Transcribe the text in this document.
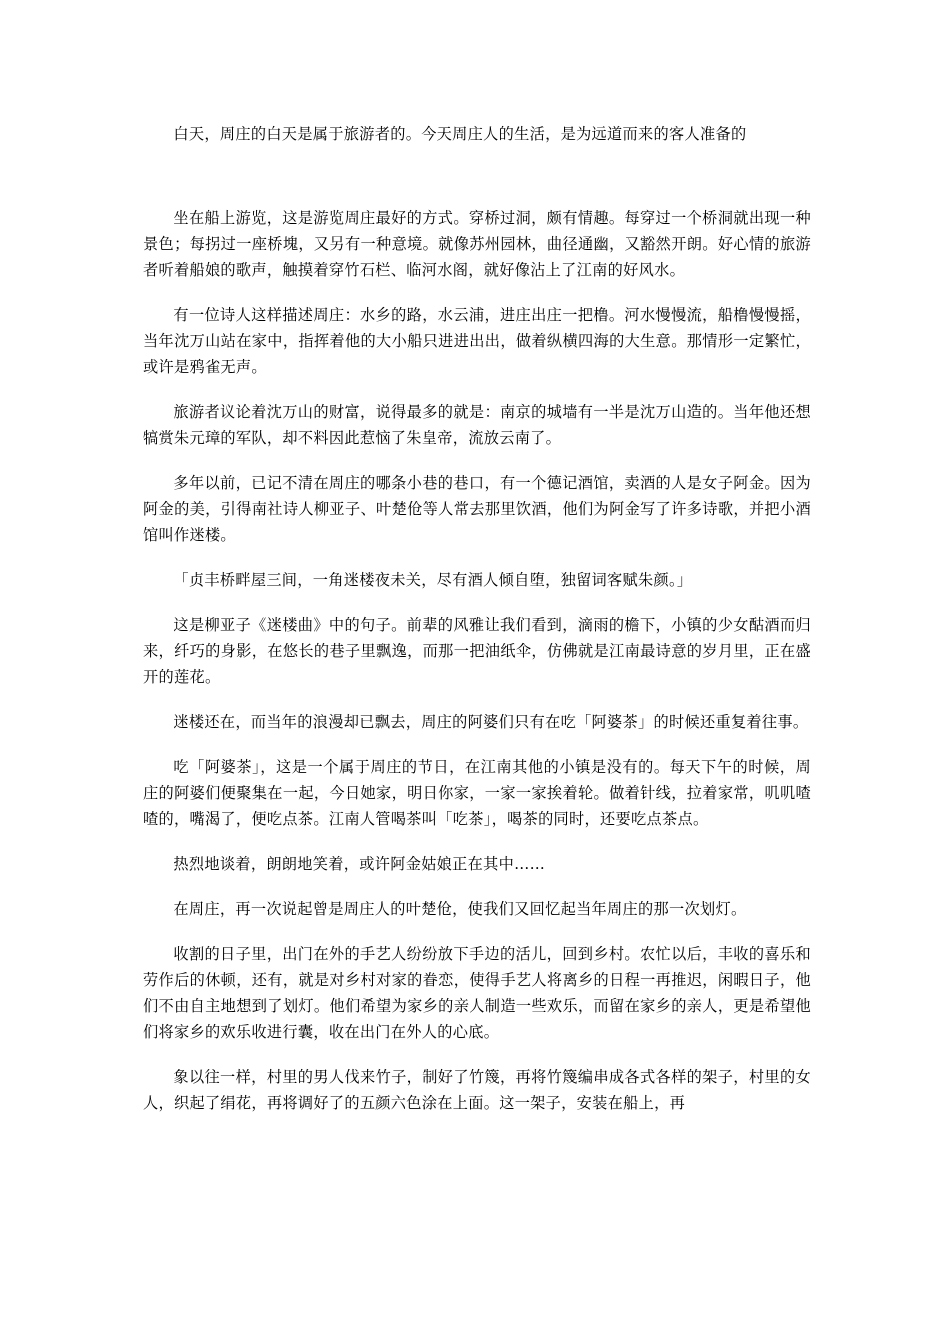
白天，周庄的白天是属于旅游者的。今天周庄人的生活，是为远道而来的客人准备的

坐在船上游览，这是游览周庄最好的方式。穿桥过洞，颇有情趣。每穿过一个桥洞就出现一种景色；每拐过一座桥塊，又另有一种意境。就像苏州园林，曲径通幽，又豁然开朗。好心情的旅游者听着船娘的歌声，触摸着穿竹石栏、临河水阁，就好像沾上了江南的好风水。

有一位诗人这样描述周庄：水乡的路，水云浦，进庄出庄一把橹。河水慢慢流，船橹慢慢摇，当年沈万山站在家中，指挥着他的大小船只进进出出，做着纵横四海的大生意。那情形一定繁忙，或许是鸦雀无声。

旅游者议论着沈万山的财富，说得最多的就是：南京的城墙有一半是沈万山造的。当年他还想犒赏朱元璋的军队，却不料因此惹恼了朱皇帝，流放云南了。

多年以前，已记不清在周庄的哪条小巷的巷口，有一个德记酒馆，卖酒的人是女子阿金。因为阿金的美，引得南社诗人柳亚子、叶楚伧等人常去那里饮酒，他们为阿金写了许多诗歌，并把小酒馆叫作迷楼。

「贞丰桥畔屋三间，一角迷楼夜未关，尽有酒人倾自堕，独留词客赋朱颜。」

这是柳亚子《迷楼曲》中的句子。前辈的风雅让我们看到，滴雨的檐下，小镇的少女酤酒而归来，纤巧的身影，在悠长的巷子里飘逸，而那一把油纸伞，仿佛就是江南最诗意的岁月里，正在盛开的莲花。

迷楼还在，而当年的浪漫却已飘去，周庄的阿婆们只有在吃「阿婆茶」的时候还重复着往事。

吃「阿婆茶」，这是一个属于周庄的节日，在江南其他的小镇是没有的。每天下午的时候，周庄的阿婆们便聚集在一起，今日她家，明日你家，一家一家挨着轮。做着针线，拉着家常，叽叽喳喳的，嘴渴了，便吃点茶。江南人管喝茶叫「吃茶」，喝茶的同时，还要吃点茶点。

热烈地谈着，朗朗地笑着，或许阿金姑娘正在其中……

在周庄，再一次说起曾是周庄人的叶楚伧，使我们又回忆起当年周庄的那一次划灯。

收割的日子里，出门在外的手艺人纷纷放下手边的活儿，回到乡村。农忙以后，丰收的喜乐和劳作后的休顿，还有，就是对乡村对家的眷恋，使得手艺人将离乡的日程一再推迟，闲暇日子，他们不由自主地想到了划灯。他们希望为家乡的亲人制造一些欢乐，而留在家乡的亲人，更是希望他们将家乡的欢乐收进行囊，收在出门在外人的心底。

象以往一样，村里的男人伐来竹子，制好了竹篾，再将竹篾编串成各式各样的架子，村里的女人，织起了绢花，再将调好了的五颜六色涂在上面。这一架子，安装在船上，再
